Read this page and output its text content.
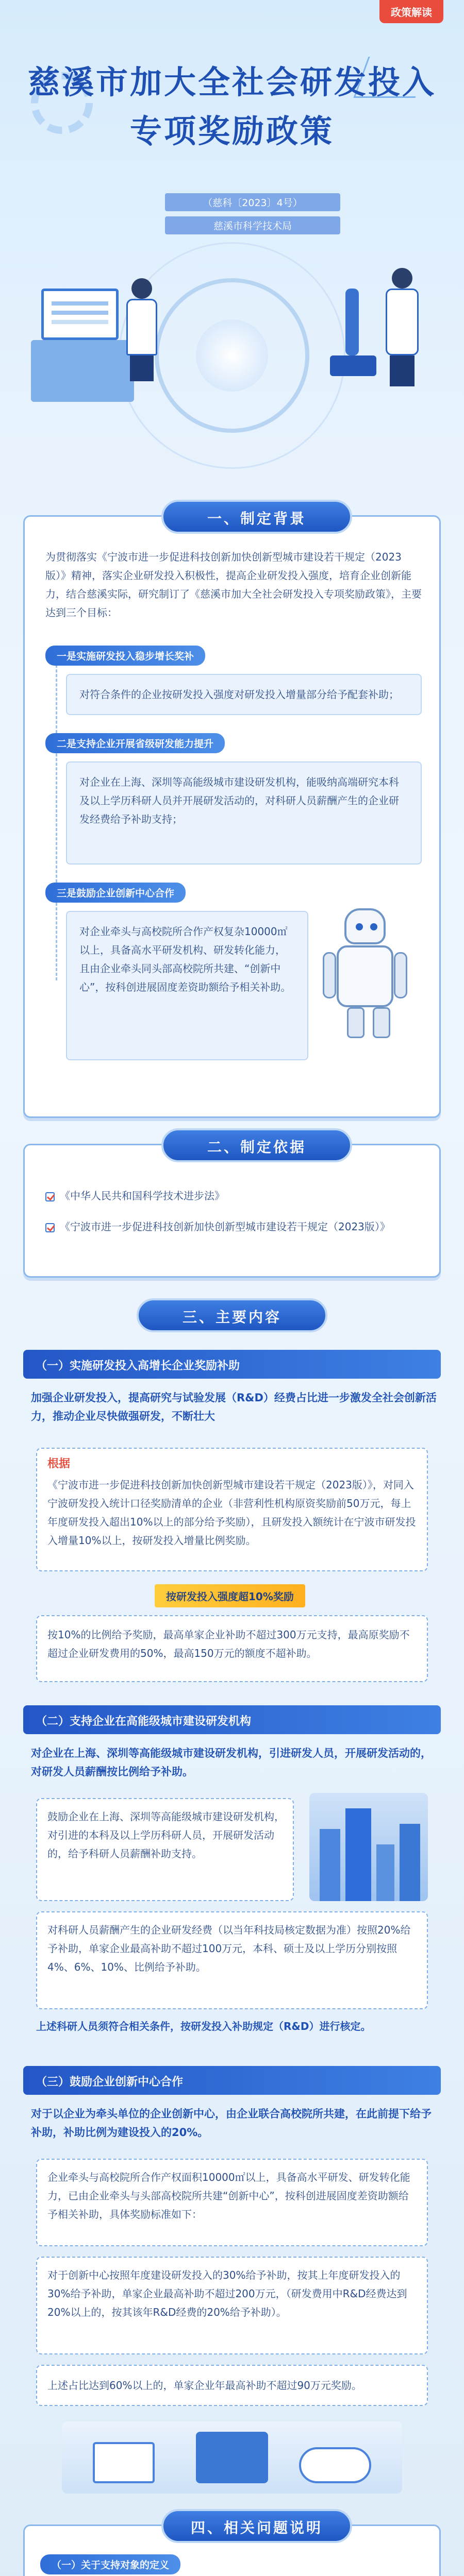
政策解读
慈溪市加大全社会研发投入
专项奖励政策
（慈科〔2023〕4号）
慈溪市科学技术局
一、制定背景
为贯彻落实《宁波市进一步促进科技创新加快创新型城市建设若干规定（2023版）》精神，落实企业研发投入积极性，提高企业研发投入强度，培育企业创新能力，结合慈溪实际，研究制订了《慈溪市加大全社会研发投入专项奖励政策》，主要达到三个目标：
一是实施研发投入稳步增长奖补
对符合条件的企业按研发投入强度对研发投入增量部分给予配套补助；
二是支持企业开展省级研发能力提升
对企业在上海、深圳等高能级城市建设研发机构，能吸纳高端研究本科及以上学历科研人员并开展研发活动的，对科研人员薪酬产生的企业研发经费给予补助支持；
三是鼓励企业创新中心合作
对企业牵头与高校院所合作产权复杂10000㎡以上，具备高水平研发机构、研发转化能力，且由企业牵头同头部高校院所共建、“创新中心”，按科创进展固度差资助额给予相关补助。
二、制定依据
《中华人民共和国科学技术进步法》
《宁波市进一步促进科技创新加快创新型城市建设若干规定（2023版）》
三、主要内容
（一）实施研发投入高增长企业奖励补助
加强企业研发投入，提高研究与试验发展（R&D）经费占比进一步激发全社会创新活力，推动企业尽快做强研发，不断壮大
根据
《宁波市进一步促进科技创新加快创新型城市建设若干规定（2023版）》，对同入宁波研发投入统计口径奖励清单的企业（非营利性机构原资奖励前50万元，每上年度研发投入超出10%以上的部分给予奖励），且研发投入额统计在宁波市研发投入增量10%以上，按研发投入增量比例奖励。
按研发投入强度超10%奖励
按10%的比例给予奖励，最高单家企业补助不超过300万元支持，最高原奖励不超过企业研发费用的50%，最高150万元的额度不超补助。
（二）支持企业在高能级城市建设研发机构
对企业在上海、深圳等高能级城市建设研发机构，引进研发人员，开展研发活动的，对研发人员薪酬按比例给予补助。
鼓励企业在上海、深圳等高能级城市建设研发机构，对引进的本科及以上学历科研人员，开展研发活动的，给予科研人员薪酬补助支持。
对科研人员薪酬产生的企业研发经费（以当年科技局核定数据为准）按照20%给予补助，单家企业最高补助不超过100万元，本科、硕士及以上学历分别按照4%、6%、10%、比例给予补助。
上述科研人员须符合相关条件，按研发投入补助规定（R&D）进行核定。
（三）鼓励企业创新中心合作
对于以企业为牵头单位的企业创新中心，由企业联合高校院所共建，在此前提下给予补助，补助比例为建设投入的20%。
企业牵头与高校院所合作产权面积10000㎡以上，具备高水平研发、研发转化能力，已由企业牵头与头部高校院所共建“创新中心”，按科创进展固度差资助额给予相关补助，具体奖励标准如下：
对于创新中心按照年度建设研发投入的30%给予补助，按其上年度研发投入的30%给予补助，单家企业最高补助不超过200万元，（研发费用中R&D经费达到20%以上的，按其该年R&D经费的20%给予补助）。
上述占比达到60%以上的，单家企业年最高补助不超过90万元奖励。
四、相关问题说明
（一）关于支持对象的定义
